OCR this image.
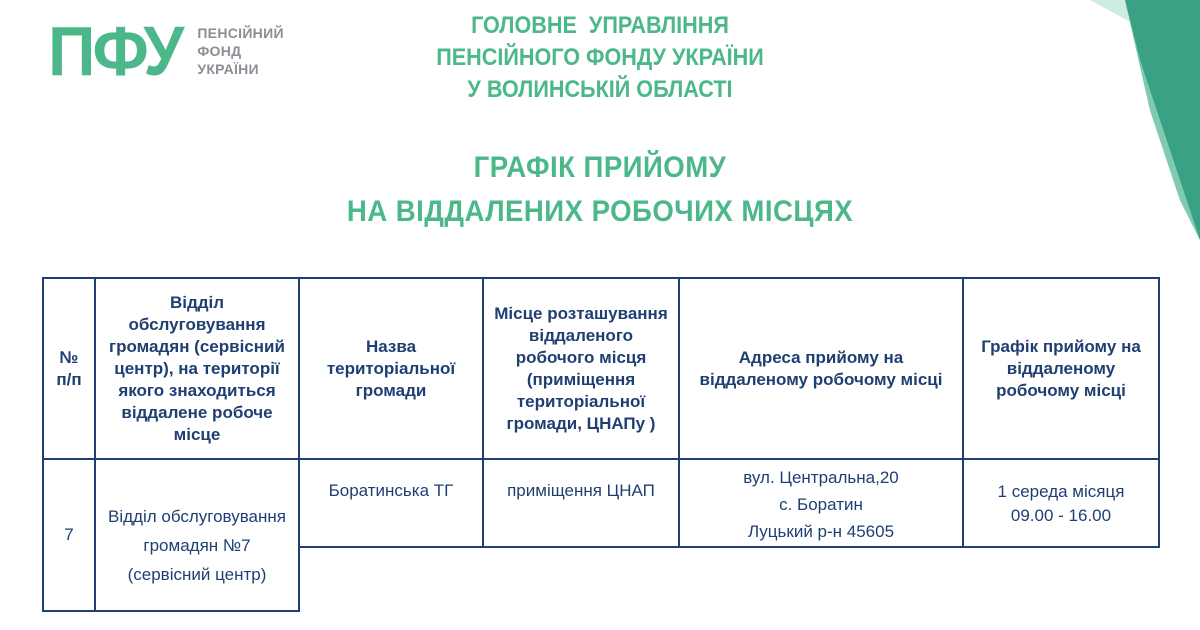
ПФУ ПЕНСІЙНИЙ
ФОНД
УКРАЇНИ
ГОЛОВНЕ  УПРАВЛІННЯ
ПЕНСІЙНОГО ФОНДУ УКРАЇНИ
У ВОЛИНСЬКІЙ ОБЛАСТІ
ГРАФІК ПРИЙОМУ
НА ВІДДАЛЕНИХ РОБОЧИХ МІСЦЯХ
№ п/п
Відділ обслуговування громадян (сервісний центр), на території якого знаходиться віддалене робоче місце
Назва територіальної громади
Місце розташування віддаленого робочого місця (приміщення територіальної громади, ЦНАПу )
Адреса прийому на віддаленому робочому місці
Графік прийому на віддаленому робочому місці
7
Відділ обслуговування громадян №7 (сервісний центр)
Боратинська ТГ	приміщення ЦНАП
вул. Центральна,20
с. Боратин
Луцький р-н 45605
1 середа місяця
09.00 - 16.00
